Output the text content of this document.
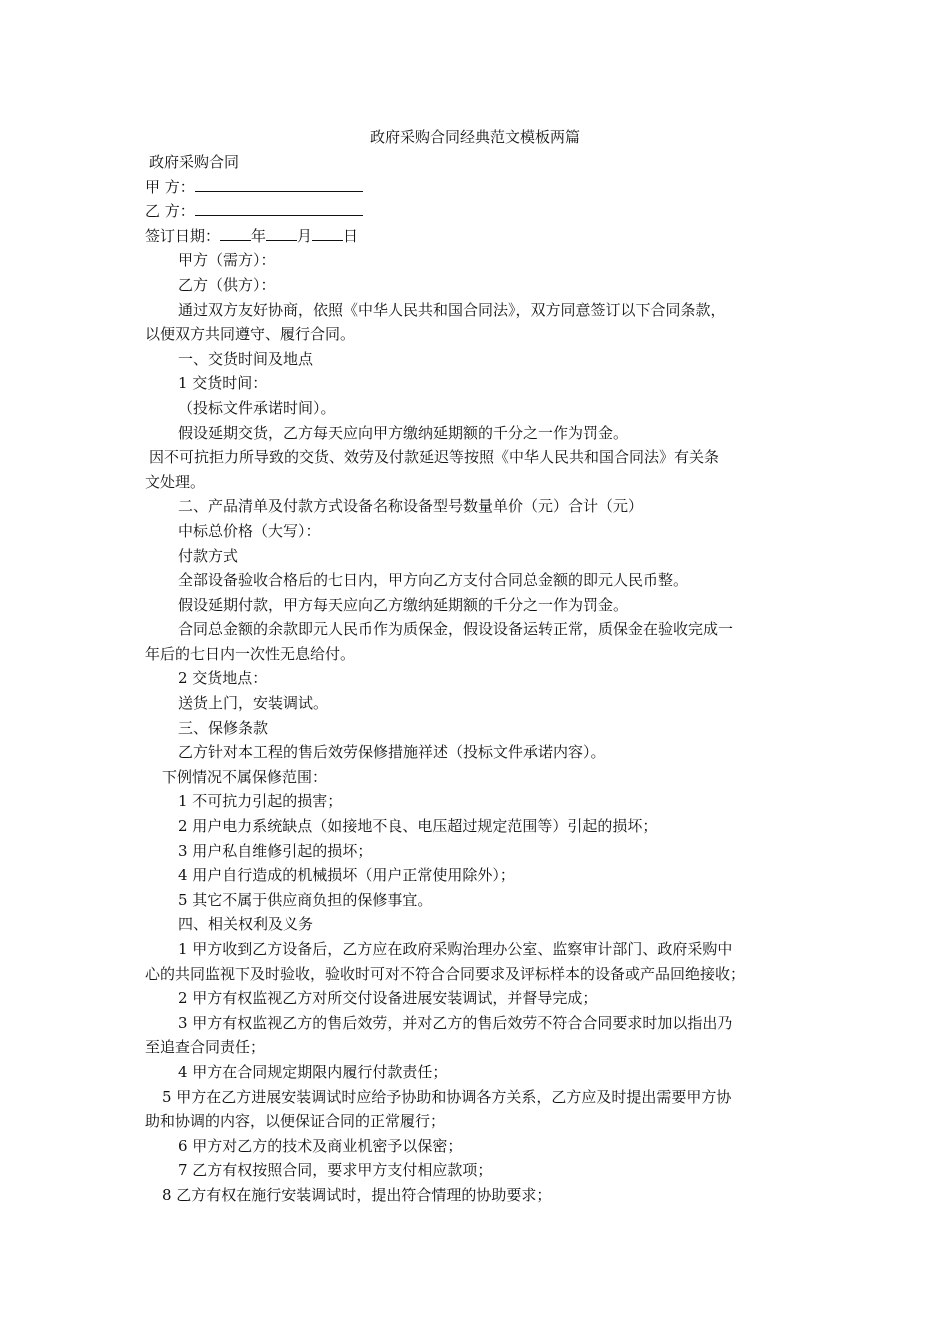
政府采购合同经典范文模板两篇
政府采购合同
甲 方：
乙 方：
签订日期： 年 月 日
甲方（需方）：
乙方（供方）：
通过双方友好协商，依照《中华人民共和国合同法》，双方同意签订以下合同条款，
以便双方共同遵守、履行合同。
一、交货时间及地点
1 交货时间：
（投标文件承诺时间）。
假设延期交货，乙方每天应向甲方缴纳延期额的千分之一作为罚金。
因不可抗拒力所导致的交货、效劳及付款延迟等按照《中华人民共和国合同法》有关条
文处理。
二、产品清单及付款方式设备名称设备型号数量单价（元）合计（元）
中标总价格（大写）：
付款方式
全部设备验收合格后的七日内，甲方向乙方支付合同总金额的即元人民币整。
假设延期付款，甲方每天应向乙方缴纳延期额的千分之一作为罚金。
合同总金额的余款即元人民币作为质保金，假设设备运转正常，质保金在验收完成一
年后的七日内一次性无息给付。
2 交货地点：
送货上门，安装调试。
三、保修条款
乙方针对本工程的售后效劳保修措施祥述（投标文件承诺内容）。
下例情况不属保修范围：
1 不可抗力引起的损害；
2 用户电力系统缺点（如接地不良、电压超过规定范围等）引起的损坏；
3 用户私自维修引起的损坏；
4 用户自行造成的机械损坏（用户正常使用除外）；
5 其它不属于供应商负担的保修事宜。
四、相关权利及义务
1 甲方收到乙方设备后，乙方应在政府采购治理办公室、监察审计部门、政府采购中
心的共同监视下及时验收，验收时可对不符合合同要求及评标样本的设备或产品回绝接收；
2 甲方有权监视乙方对所交付设备进展安装调试，并督导完成；
3 甲方有权监视乙方的售后效劳，并对乙方的售后效劳不符合合同要求时加以指出乃
至追查合同责任；
4 甲方在合同规定期限内履行付款责任；
5 甲方在乙方进展安装调试时应给予协助和协调各方关系，乙方应及时提出需要甲方协
助和协调的内容，以便保证合同的正常履行；
6 甲方对乙方的技术及商业机密予以保密；
7 乙方有权按照合同，要求甲方支付相应款项；
8 乙方有权在施行安装调试时，提出符合情理的协助要求；
